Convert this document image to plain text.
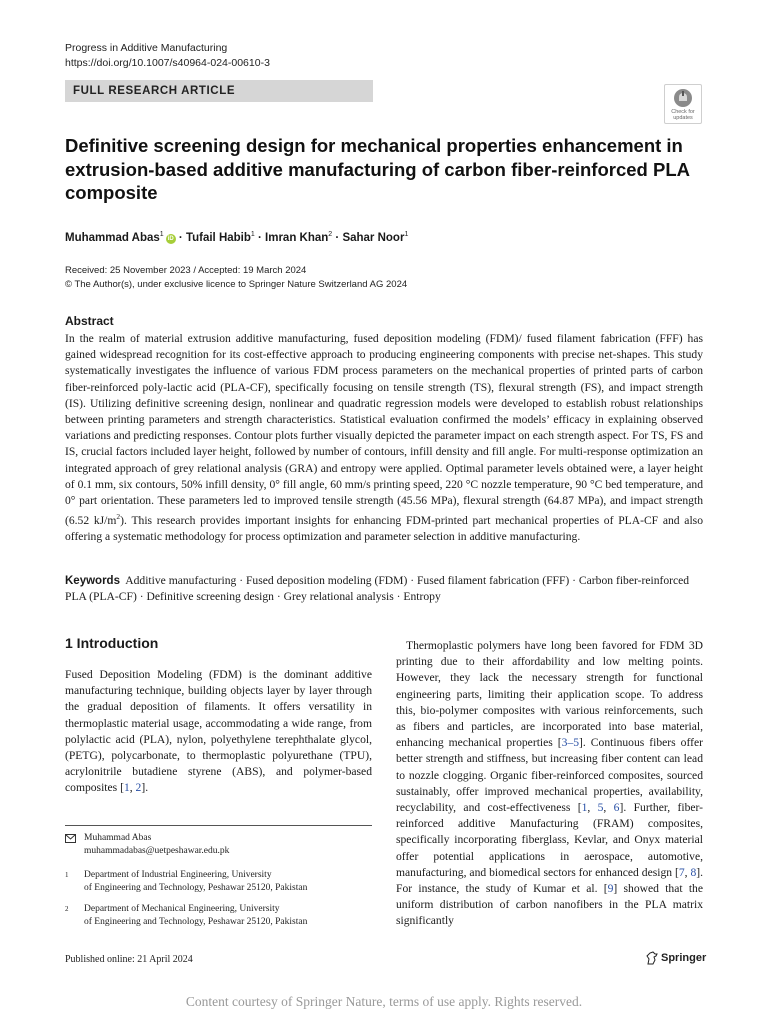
Progress in Additive Manufacturing
https://doi.org/10.1007/s40964-024-00610-3
FULL RESEARCH ARTICLE
Check for
updates
Definitive screening design for mechanical properties enhancement in extrusion-based additive manufacturing of carbon fiber-reinforced PLA composite
Muhammad Abas$^1$iD · Tufail Habib$^1$ · Imran Khan$^2$ · Sahar Noor$^1$
Received: 25 November 2023 / Accepted: 19 March 2024
© The Author(s), under exclusive licence to Springer Nature Switzerland AG 2024
Abstract
In the realm of material extrusion additive manufacturing, fused deposition modeling (FDM)/ fused filament fabrication (FFF) has gained widespread recognition for its cost-effective approach to producing engineering components with precise net-shapes. This study systematically investigates the influence of various FDM process parameters on the mechanical properties of printed parts of carbon fiber-reinforced poly-lactic acid (PLA-CF), specifically focusing on tensile strength (TS), flexural strength (FS), and impact strength (IS). Utilizing definitive screening design, nonlinear and quadratic regression models were developed to establish robust relationships between printing parameters and strength characteristics. Statistical evaluation confirmed the models’ efficacy in explaining observed variations and predicting responses. Contour plots further visually depicted the parameter impact on each strength aspect. For TS, FS and IS, crucial factors included layer height, followed by number of contours, infill density and fill angle. For multi-response optimization an integrated approach of grey relational analysis (GRA) and entropy were applied. Optimal parameter levels obtained were, a layer height of 0.1 mm, six contours, 50% infill density, 0° fill angle, 60 mm/s printing speed, 220 °C nozzle temperature, 90 °C bed temperature, and 0° part orientation. These parameters led to improved tensile strength (45.56 MPa), flexural strength (64.87 MPa), and impact strength (6.52 $kJ/m^2$). This research provides important insights for enhancing FDM-printed part mechanical properties of PLA-CF and also offering a systematic methodology for process optimization and parameter selection in additive manufacturing.
Keywords Additive manufacturing · Fused deposition modeling (FDM) · Fused filament fabrication (FFF) · Carbon fiber-reinforced PLA (PLA-CF) · Definitive screening design · Grey relational analysis · Entropy
1 Introduction

Fused Deposition Modeling (FDM) is the dominant additive manufacturing technique, building objects layer by layer through the gradual deposition of filaments. It offers versatility in thermoplastic material usage, accommodating a wide range, from polylactic acid (PLA), nylon, polyethylene terephthalate glycol, (PETG), polycarbonate, to thermoplastic polyurethane (TPU), acrylonitrile butadiene styrene (ABS), and polymer-based composites [1, 2].

Thermoplastic polymers have long been favored for FDM 3D printing due to their affordability and low melting points. However, they lack the necessary strength for functional engineering parts, limiting their application scope. To address this, bio-polymer composites with various reinforcements, such as fibers and particles, are incorporated into base material, enhancing mechanical properties [3–5]. Continuous fibers offer better strength and stiffness, but increasing fiber content can lead to nozzle clogging. Organic fiber-reinforced composites, sourced sustainably, offer improved mechanical properties, availability, recyclability, and cost-effectiveness [1, 5, 6]. Further, fiber-reinforced additive Manufacturing (FRAM) composites, specifically incorporating fiberglass, Kevlar, and Onyx material offer potential applications in aerospace, automotive, manufacturing, and biomedical sectors for enhanced design [7, 8]. For instance, the study of Kumar et al. [9] showed that the uniform distribution of carbon nanofibers in the PLA matrix significantly

Muhammad Abas
muhammadabas@uetpeshawar.edu.pk
1 Department of Industrial Engineering, University
of Engineering and Technology, Peshawar 25120, Pakistan
2 Department of Mechanical Engineering, University
of Engineering and Technology, Peshawar 25120, Pakistan
Published online: 21 April 2024	Springer
Content courtesy of Springer Nature, terms of use apply. Rights reserved.
